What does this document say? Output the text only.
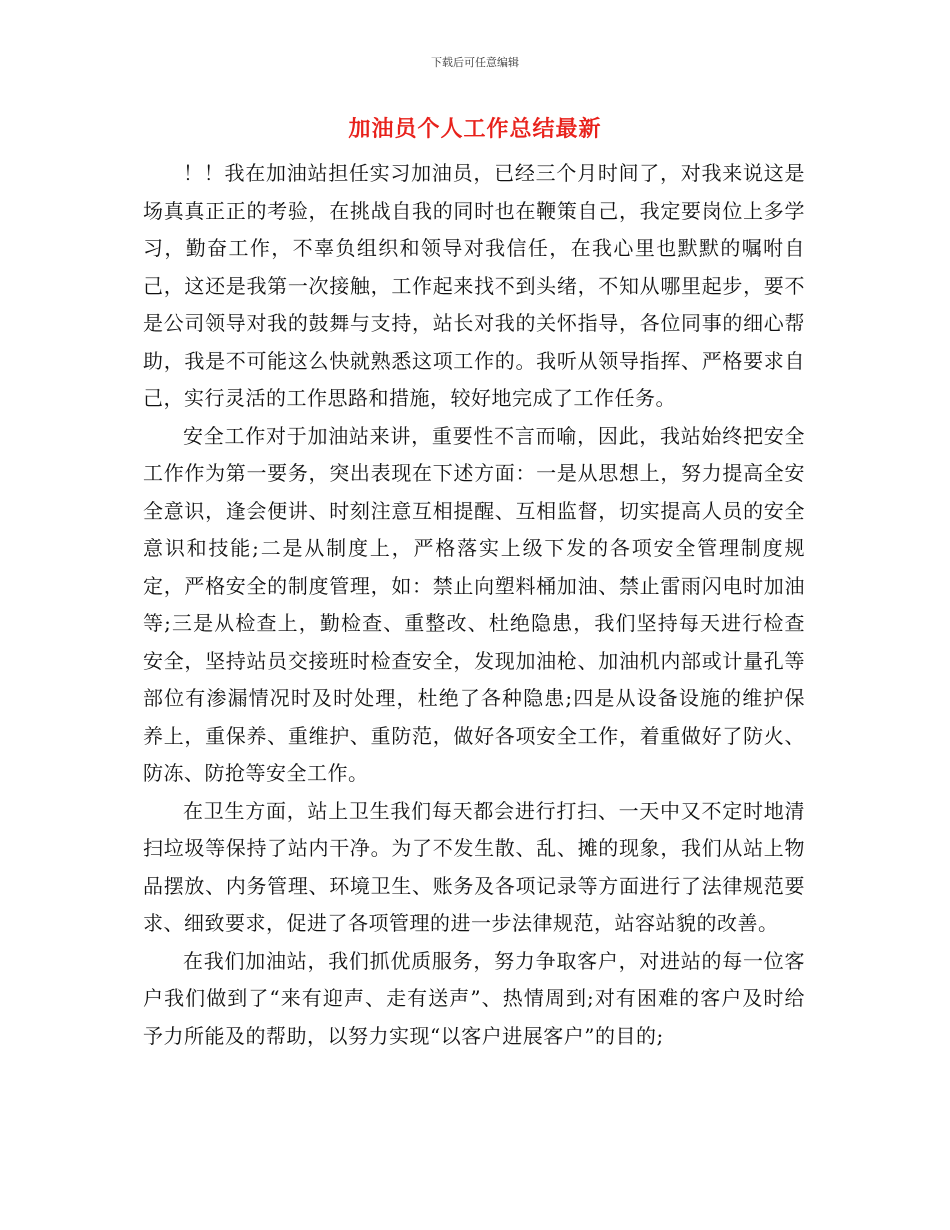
下载后可任意编辑
加油员个人工作总结最新

！！我在加油站担任实习加油员，已经三个月时间了，对我来说这是场真真正正的考验，在挑战自我的同时也在鞭策自己，我定要岗位上多学习，勤奋工作，不辜负组织和领导对我信任，在我心里也默默的嘱咐自己，这还是我第一次接触，工作起来找不到头绪，不知从哪里起步，要不是公司领导对我的鼓舞与支持，站长对我的关怀指导，各位同事的细心帮助，我是不可能这么快就熟悉这项工作的。我听从领导指挥、严格要求自己，实行灵活的工作思路和措施，较好地完成了工作任务。

安全工作对于加油站来讲，重要性不言而喻，因此，我站始终把安全工作作为第一要务，突出表现在下述方面：一是从思想上，努力提高全安全意识，逢会便讲、时刻注意互相提醒、互相监督，切实提高人员的安全意识和技能;二是从制度上，严格落实上级下发的各项安全管理制度规定，严格安全的制度管理，如：禁止向塑料桶加油、禁止雷雨闪电时加油等;三是从检查上，勤检查、重整改、杜绝隐患，我们坚持每天进行检查安全，坚持站员交接班时检查安全，发现加油枪、加油机内部或计量孔等部位有渗漏情况时及时处理，杜绝了各种隐患;四是从设备设施的维护保养上，重保养、重维护、重防范，做好各项安全工作，着重做好了防火、防冻、防抢等安全工作。

在卫生方面，站上卫生我们每天都会进行打扫、一天中又不定时地清扫垃圾等保持了站内干净。为了不发生散、乱、摊的现象，我们从站上物品摆放、内务管理、环境卫生、账务及各项记录等方面进行了法律规范要求、细致要求，促进了各项管理的进一步法律规范，站容站貌的改善。

在我们加油站，我们抓优质服务，努力争取客户，对进站的每一位客户我们做到了“来有迎声、走有送声”、热情周到;对有困难的客户及时给予力所能及的帮助，以努力实现“以客户进展客户”的目的;
